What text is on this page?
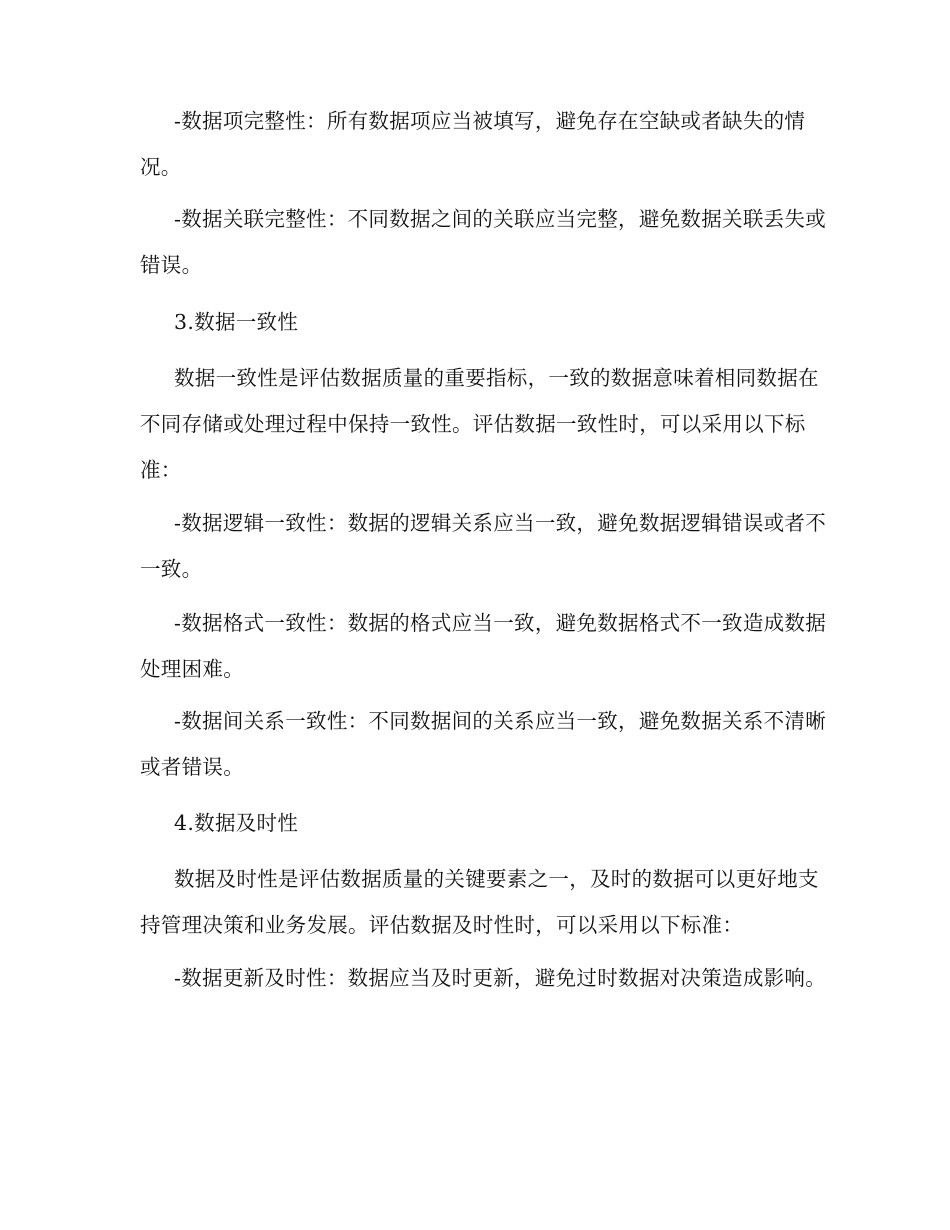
-数据项完整性：所有数据项应当被填写，避免存在空缺或者缺失的情况。

-数据关联完整性：不同数据之间的关联应当完整，避免数据关联丢失或错误。

3.数据一致性

数据一致性是评估数据质量的重要指标，一致的数据意味着相同数据在不同存储或处理过程中保持一致性。评估数据一致性时，可以采用以下标准：

-数据逻辑一致性：数据的逻辑关系应当一致，避免数据逻辑错误或者不一致。

-数据格式一致性：数据的格式应当一致，避免数据格式不一致造成数据处理困难。

-数据间关系一致性：不同数据间的关系应当一致，避免数据关系不清晰或者错误。

4.数据及时性

数据及时性是评估数据质量的关键要素之一，及时的数据可以更好地支持管理决策和业务发展。评估数据及时性时，可以采用以下标准：

-数据更新及时性：数据应当及时更新，避免过时数据对决策造成影响。
